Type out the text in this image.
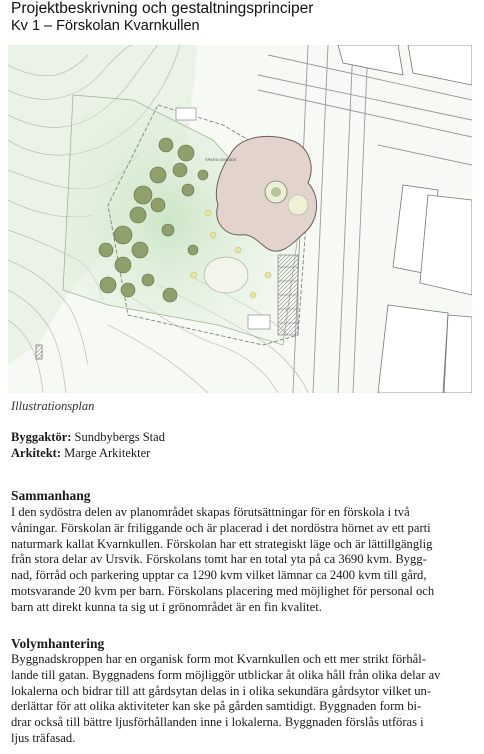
Projektbeskrivning och gestaltningsprinciper
Kv 1 – Förskolan Kvarnkullen
SPARA OMRÅDE
Illustrationsplan
Byggaktör: Sundbybergs Stad
Arkitekt: Marge Arkitekter
Sammanhang
I den sydöstra delen av planområdet skapas förutsättningar för en förskola i två
våningar. Förskolan är friliggande och är placerad i det nordöstra hörnet av ett parti
naturmark kallat Kvarnkullen. Förskolan har ett strategiskt läge och är lättillgänglig
från stora delar av Ursvik. Förskolans tomt har en total yta på ca 3690 kvm. Bygg-
nad, förråd och parkering upptar ca 1290 kvm vilket lämnar ca 2400 kvm till gård,
motsvarande 20 kvm per barn. Förskolans placering med möjlighet för personal och
barn att direkt kunna ta sig ut i grönområdet är en fin kvalitet.
Volymhantering
Byggnadskroppen har en organisk form mot Kvarnkullen och ett mer strikt förhål-
lande till gatan. Byggnadens form möjliggör utblickar åt olika håll från olika delar av
lokalerna och bidrar till att gårdsytan delas in i olika sekundära gårdsytor vilket un-
derlättar för att olika aktiviteter kan ske på gården samtidigt. Byggnaden form bi-
drar också till bättre ljusförhållanden inne i lokalerna. Byggnaden förslås utföras i
ljus träfasad.
